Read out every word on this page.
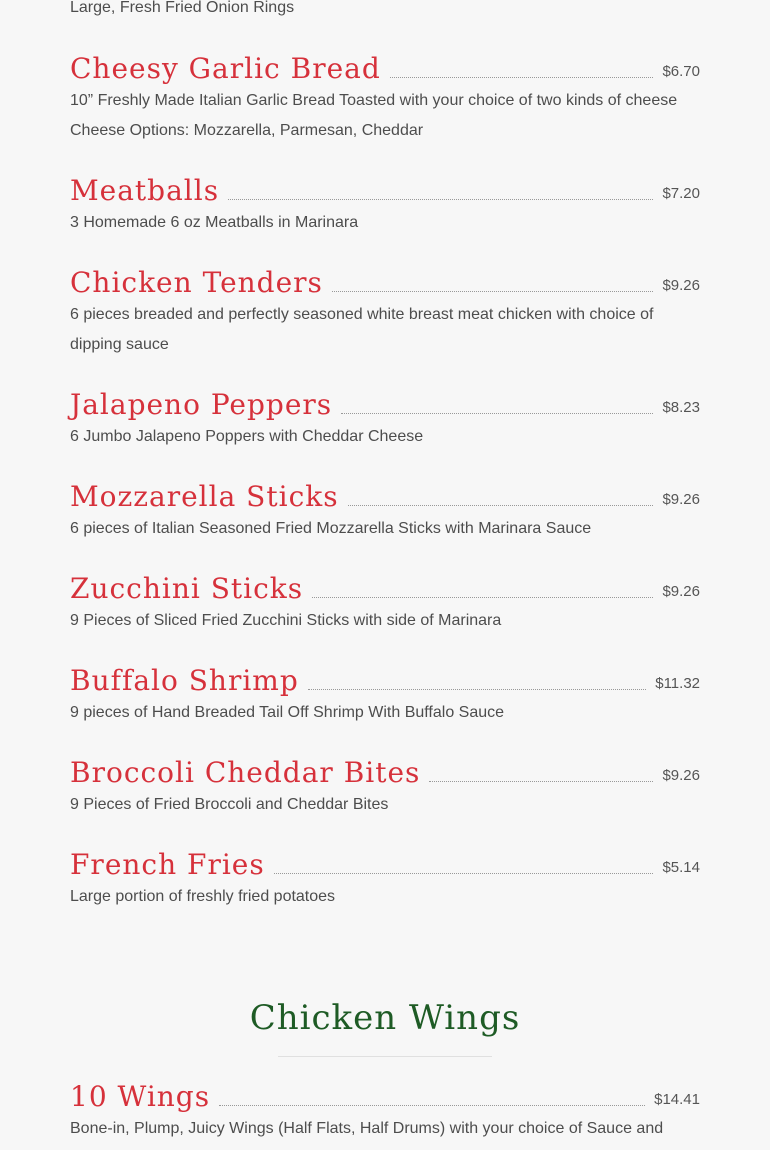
Large, Fresh Fried Onion Rings
Cheesy Garlic Bread	$6.70
10” Freshly Made Italian Garlic Bread Toasted with your choice of two kinds of cheese
Cheese Options: Mozzarella, Parmesan, Cheddar
Meatballs	$7.20
3 Homemade 6 oz Meatballs in Marinara
Chicken Tenders	$9.26
6 pieces breaded and perfectly seasoned white breast meat chicken with choice of
dipping sauce
Jalapeno Peppers	$8.23
6 Jumbo Jalapeno Poppers with Cheddar Cheese
Mozzarella Sticks	$9.26
6 pieces of Italian Seasoned Fried Mozzarella Sticks with Marinara Sauce
Zucchini Sticks	$9.26
9 Pieces of Sliced Fried Zucchini Sticks with side of Marinara
Buffalo Shrimp	$11.32
9 pieces of Hand Breaded Tail Off Shrimp With Buffalo Sauce
Broccoli Cheddar Bites	$9.26
9 Pieces of Fried Broccoli and Cheddar Bites
French Fries	$5.14
Large portion of freshly fried potatoes
Chicken Wings
10 Wings	$14.41
Bone-in, Plump, Juicy Wings (Half Flats, Half Drums) with your choice of Sauce and
